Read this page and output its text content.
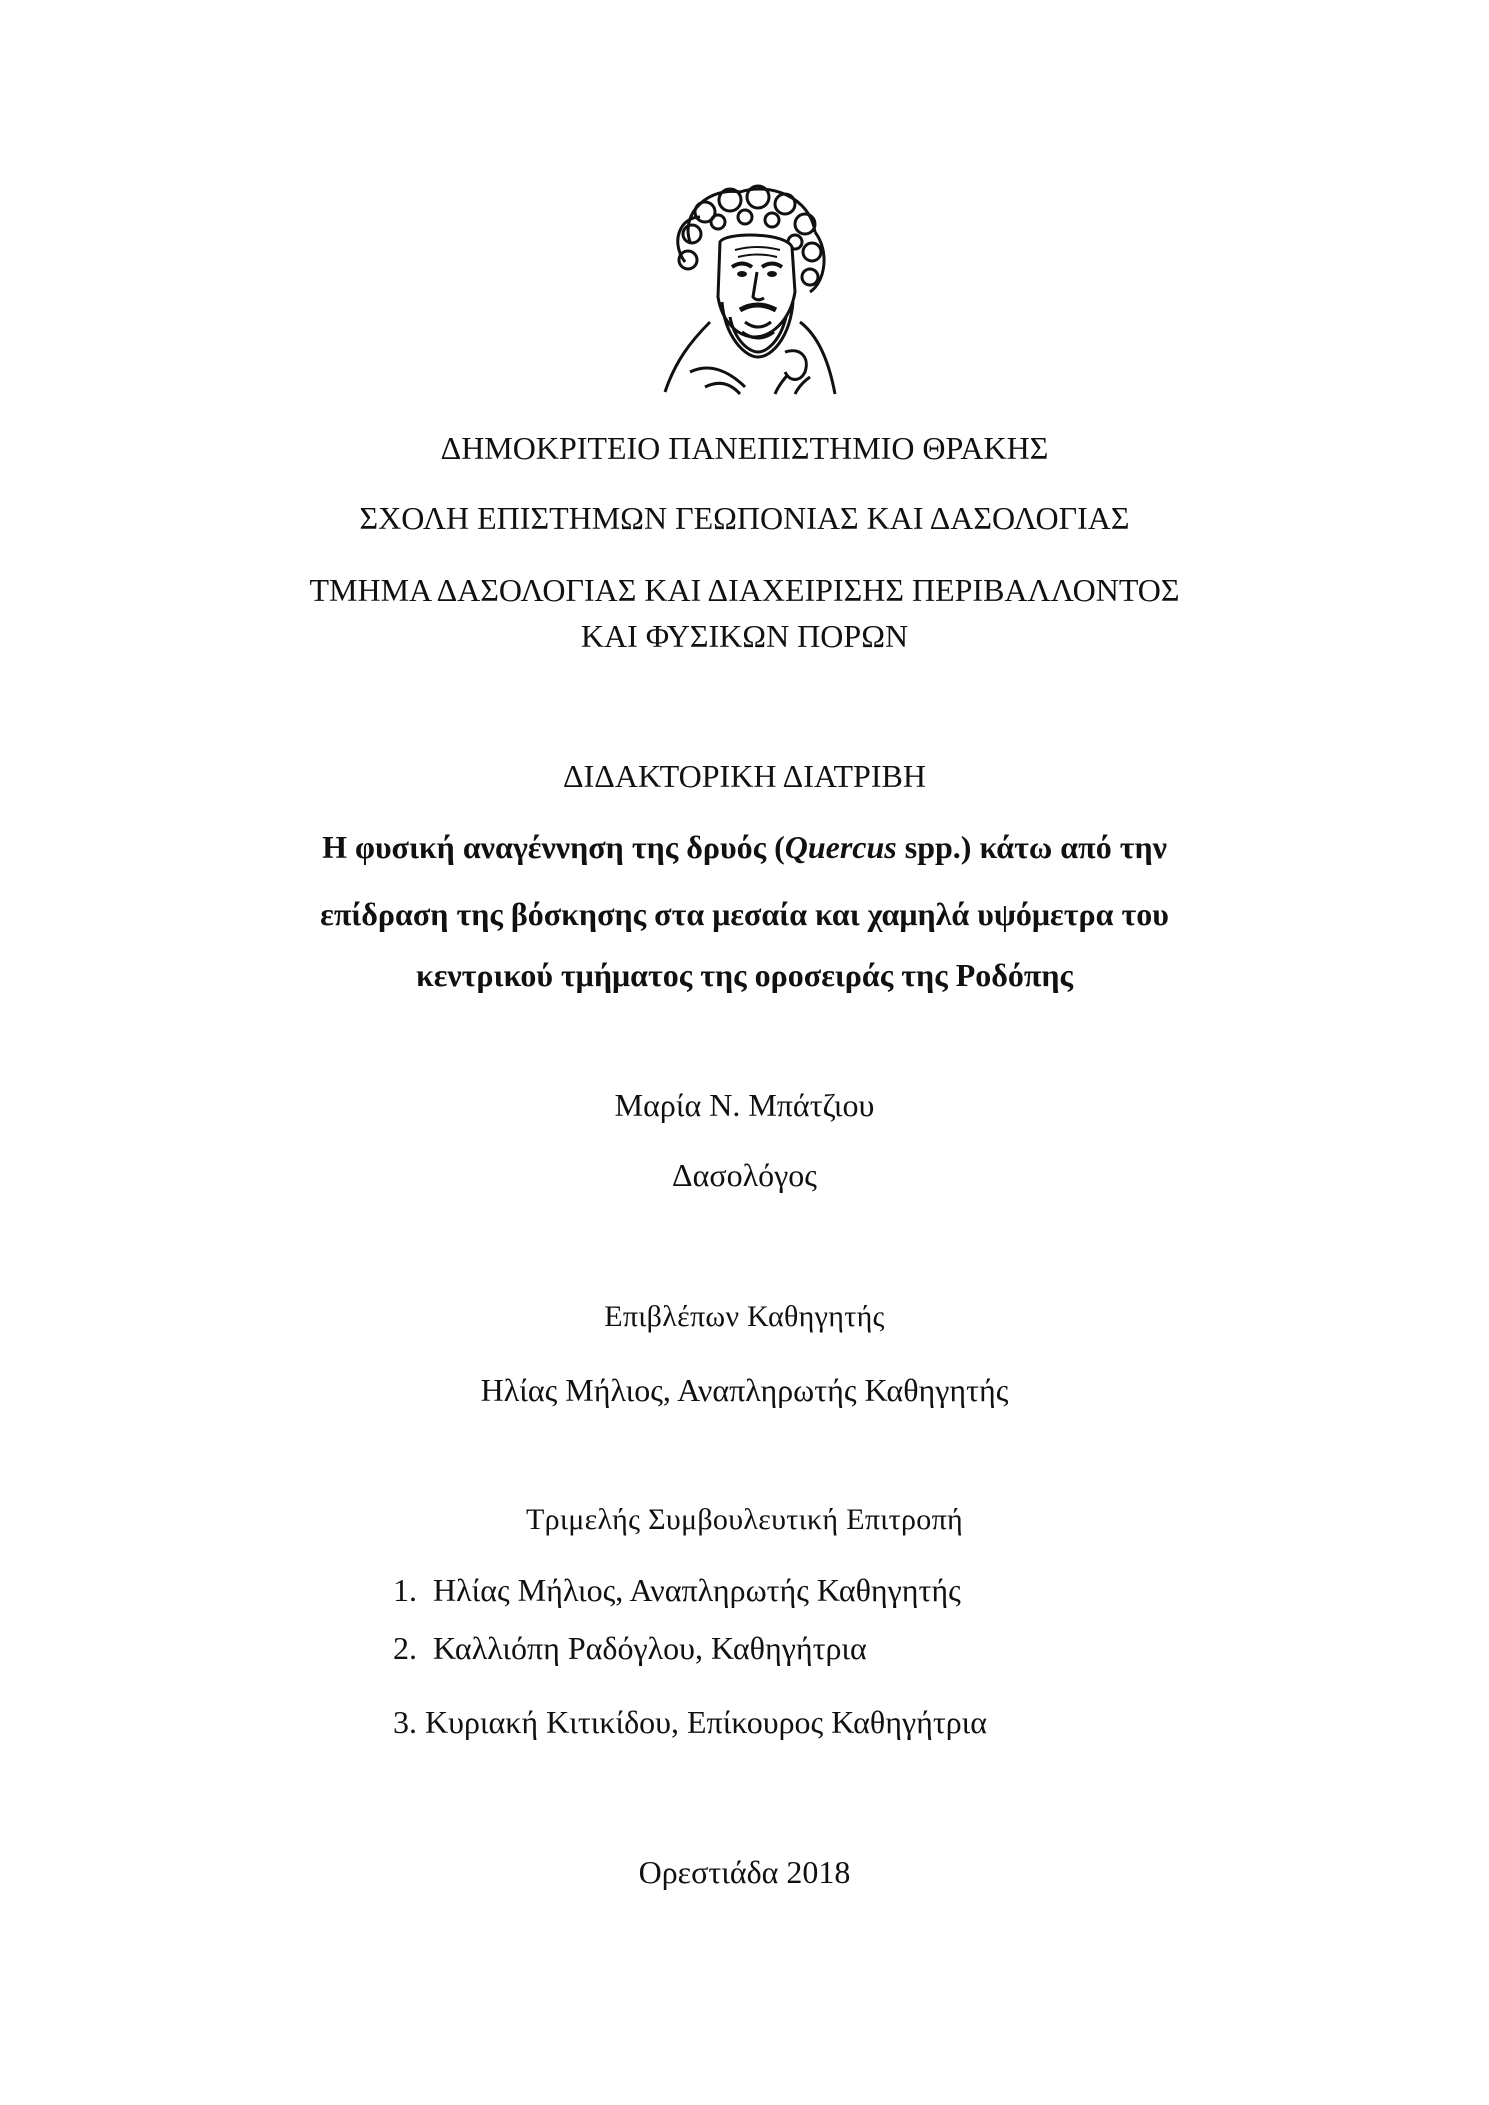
ΔΗΜΟΚΡΙΤΕΙΟ ΠΑΝΕΠΙΣΤΗΜΙΟ ΘΡΑΚΗΣ
ΣΧΟΛΗ ΕΠΙΣΤΗΜΩΝ ΓΕΩΠΟΝΙΑΣ ΚΑΙ ΔΑΣΟΛΟΓΙΑΣ
ΤΜΗΜΑ ΔΑΣΟΛΟΓΙΑΣ ΚΑΙ ΔΙΑΧΕΙΡΙΣΗΣ ΠΕΡΙΒΑΛΛΟΝΤΟΣ
ΚΑΙ ΦΥΣΙΚΩΝ ΠΟΡΩΝ
ΔΙΔΑΚΤΟΡΙΚΗ ΔΙΑΤΡΙΒΗ
Η φυσική αναγέννηση της δρυός (Quercus spp.) κάτω από την
επίδραση της βόσκησης στα μεσαία και χαμηλά υψόμετρα του
κεντρικού τμήματος της οροσειράς της Ροδόπης
Μαρία Ν. Μπάτζιου
Δασολόγος
Επιβλέπων Καθηγητής
Ηλίας Μήλιος, Αναπληρωτής Καθηγητής
Τριμελής Συμβουλευτική Επιτροπή
1. Ηλίας Μήλιος, Αναπληρωτής Καθηγητής
2. Καλλιόπη Ραδόγλου, Καθηγήτρια
3. Κυριακή Κιτικίδου, Επίκουρος Καθηγήτρια
Ορεστιάδα 2018
